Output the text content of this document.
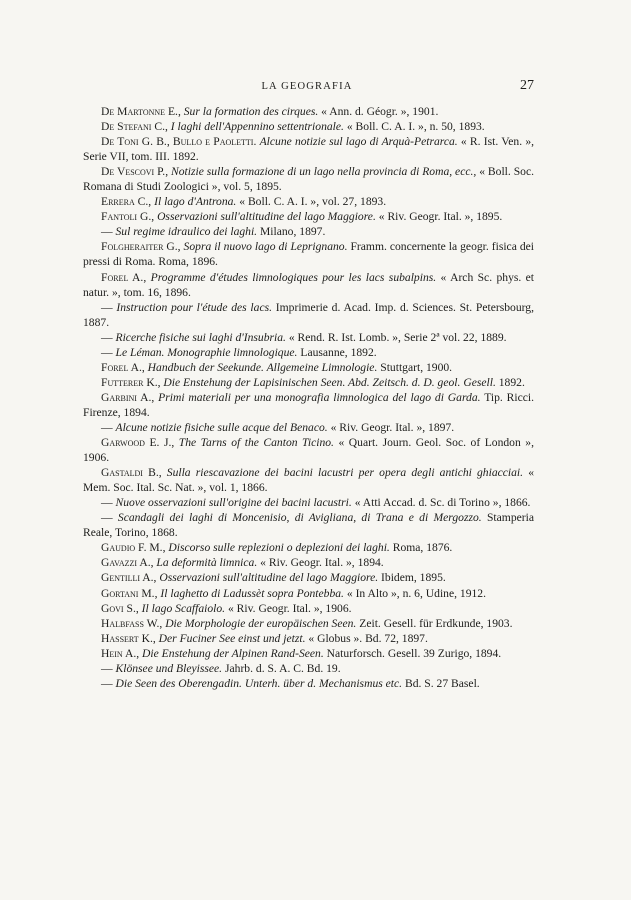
LA GEOGRAFIA	27

De Martonne E., Sur la formation des cirques. « Ann. d. Géogr. », 1901.

De Stefani C., I laghi dell'Appennino settentrionale. « Boll. C. A. I. », n. 50, 1893.

De Toni G. B., Bullo e Paoletti. Alcune notizie sul lago di Arquà-Petrarca. « R. Ist. Ven. », Serie VII, tom. III. 1892.

De Vescovi P., Notizie sulla formazione di un lago nella provincia di Roma, ecc., « Boll. Soc. Romana di Studi Zoologici », vol. 5, 1895.

Errera C., Il lago d'Antrona. « Boll. C. A. I. », vol. 27, 1893.

Fantoli G., Osservazioni sull'altitudine del lago Maggiore. « Riv. Geogr. Ital. », 1895.

— Sul regime idraulico dei laghi. Milano, 1897.

Folgheraiter G., Sopra il nuovo lago di Leprignano. Framm. concernente la geogr. fisica dei pressi di Roma. Roma, 1896.

Forel A., Programme d'études limnologiques pour les lacs subalpins. « Arch Sc. phys. et natur. », tom. 16, 1896.

— Instruction pour l'étude des lacs. Imprimerie d. Acad. Imp. d. Sciences. St. Petersbourg, 1887.

— Ricerche fisiche sui laghi d'Insubria. « Rend. R. Ist. Lomb. », Serie 2ª vol. 22, 1889.

— Le Léman. Monographie limnologique. Lausanne, 1892.

Forel A., Handbuch der Seekunde. Allgemeine Limnologie. Stuttgart, 1900.

Futterer K., Die Enstehung der Lapisinischen Seen. Abd. Zeitsch. d. D. geol. Gesell. 1892.

Garbini A., Primi materiali per una monografia limnologica del lago di Garda. Tip. Ricci. Firenze, 1894.

— Alcune notizie fisiche sulle acque del Benaco. « Riv. Geogr. Ital. », 1897.

Garwood E. J., The Tarns of the Canton Ticino. « Quart. Journ. Geol. Soc. of London », 1906.

Gastaldi B., Sulla riescavazione dei bacini lacustri per opera degli antichi ghiacciai. « Mem. Soc. Ital. Sc. Nat. », vol. 1, 1866.

— Nuove osservazioni sull'origine dei bacini lacustri. « Atti Accad. d. Sc. di Torino », 1866.

— Scandagli dei laghi di Moncenisio, di Avigliana, di Trana e di Mergozzo. Stamperia Reale, Torino, 1868.

Gaudio F. M., Discorso sulle replezioni o deplezioni dei laghi. Roma, 1876.

Gavazzi A., La deformità limnica. « Riv. Geogr. Ital. », 1894.

Gentilli A., Osservazioni sull'altitudine del lago Maggiore. Ibidem, 1895.

Gortani M., Il laghetto di Ladussèt sopra Pontebba. « In Alto », n. 6, Udine, 1912.

Govi S., Il lago Scaffaiolo. « Riv. Geogr. Ital. », 1906.

Halbfass W., Die Morphologie der europäischen Seen. Zeit. Gesell. für Erdkunde, 1903.

Hassert K., Der Fuciner See einst und jetzt. « Globus ». Bd. 72, 1897.

Hein A., Die Enstehung der Alpinen Rand-Seen. Naturforsch. Gesell. 39 Zurigo, 1894.

— Klönsee und Bleyissee. Jahrb. d. S. A. C. Bd. 19.

— Die Seen des Oberengadin. Unterh. über d. Mechanismus etc. Bd. S. 27 Basel.
